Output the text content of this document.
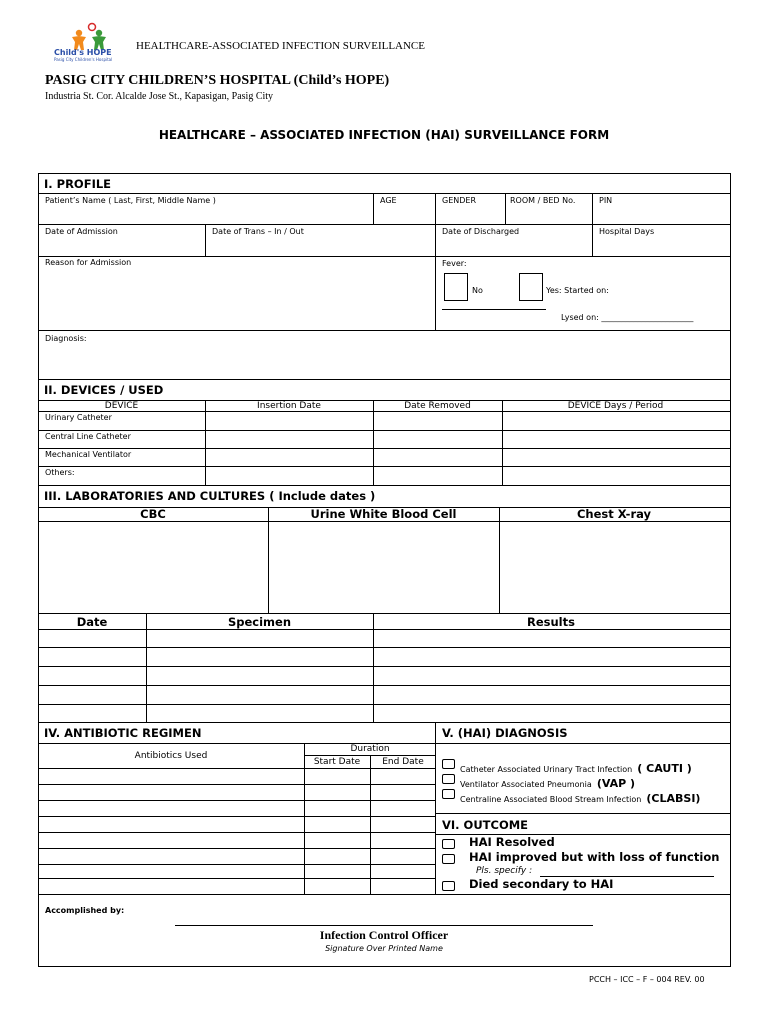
Child's HOPE
Pasig City Children's Hospital
HEALTHCARE-ASSOCIATED INFECTION SURVEILLANCE
PASIG CITY CHILDREN’S HOSPITAL (Child’s HOPE)
Industria St. Cor. Alcalde Jose St., Kapasigan, Pasig City
HEALTHCARE – ASSOCIATED INFECTION (HAI) SURVEILLANCE FORM
I. PROFILE
Patient’s Name ( Last, First, Middle Name )	AGE	GENDER	ROOM / BED No.	PIN
Date of Admission	Date of Trans – In / Out	Date of Discharged	Hospital Days
Reason for Admission	Fever:
No	Yes: Started on:
Lysed on: _______________________
Diagnosis:
II. DEVICES / USED
DEVICE	Insertion Date	Date Removed	DEVICE Days / Period
Urinary Catheter
Central Line Catheter
Mechanical Ventilator
Others:
III. LABORATORIES AND CULTURES ( Include dates )
CBC	Urine White Blood Cell	Chest X-ray
Date	Specimen	Results
IV. ANTIBIOTIC REGIMEN
Antibiotics Used
Duration
Start Date	End Date
V. (HAI) DIAGNOSIS
Catheter Associated Urinary Tract Infection ( CAUTI )
Ventilator Associated Pneumonia (VAP )
Centraline Associated Blood Stream Infection (CLABSI)
VI. OUTCOME
HAI Resolved
HAI improved but with loss of function
Pls. specify :
Died secondary to HAI
Accomplished by:
Infection Control Officer
Signature Over Printed Name
PCCH – ICC – F – 004 REV. 00
